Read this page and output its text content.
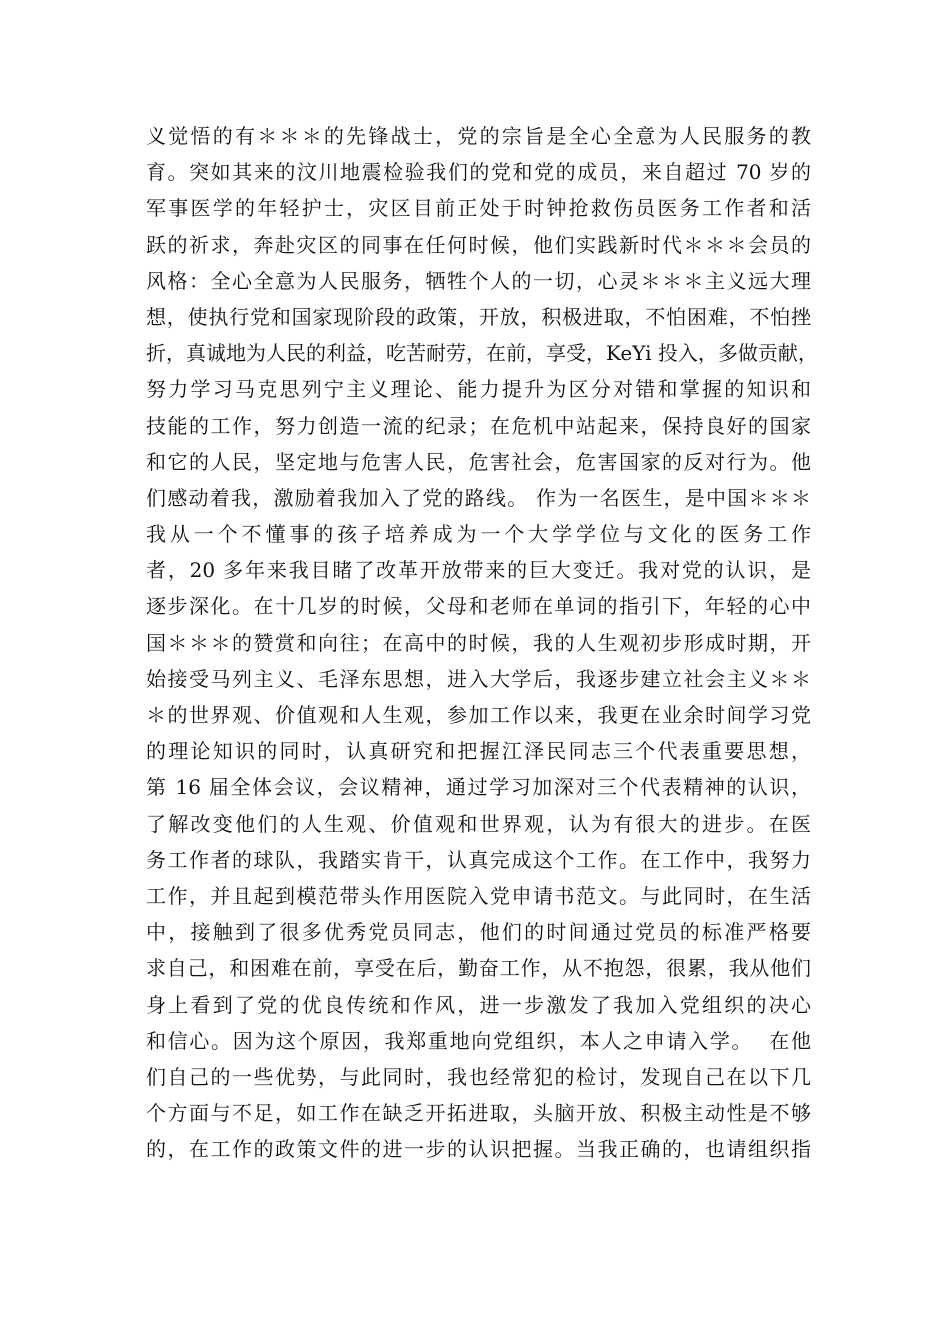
义觉悟的有＊＊＊的先锋战士，党的宗旨是全心全意为人民服务的教
育。突如其来的汶川地震检验我们的党和党的成员，来自超过 70 岁的
军事医学的年轻护士，灾区目前正处于时钟抢救伤员医务工作者和活
跃的祈求，奔赴灾区的同事在任何时候，他们实践新时代＊＊＊会员的
风格：全心全意为人民服务，牺牲个人的一切，心灵＊＊＊主义远大理
想，使执行党和国家现阶段的政策，开放，积极进取，不怕困难，不怕挫
折，真诚地为人民的利益，吃苦耐劳，在前，享受，KeYi 投入，多做贡献，
努力学习马克思列宁主义理论、能力提升为区分对错和掌握的知识和
技能的工作，努力创造一流的纪录；在危机中站起来，保持良好的国家
和它的人民，坚定地与危害人民，危害社会，危害国家的反对行为。他
们感动着我，激励着我加入了党的路线。 作为一名医生，是中国＊＊＊
我从一个不懂事的孩子培养成为一个大学学位与文化的医务工作
者，20 多年来我目睹了改革开放带来的巨大变迁。我对党的认识，是
逐步深化。在十几岁的时候，父母和老师在单词的指引下，年轻的心中
国＊＊＊的赞赏和向往；在高中的时候，我的人生观初步形成时期，开
始接受马列主义、毛泽东思想，进入大学后，我逐步建立社会主义＊＊
＊的世界观、价值观和人生观，参加工作以来，我更在业余时间学习党
的理论知识的同时，认真研究和把握江泽民同志三个代表重要思想，
第 16 届全体会议，会议精神，通过学习加深对三个代表精神的认识，
了解改变他们的人生观、价值观和世界观，认为有很大的进步。在医
务工作者的球队，我踏实肯干，认真完成这个工作。在工作中，我努力
工作，并且起到模范带头作用医院入党申请书范文。与此同时，在生活
中，接触到了很多优秀党员同志，他们的时间通过党员的标准严格要
求自己，和困难在前，享受在后，勤奋工作，从不抱怨，很累，我从他们
身上看到了党的优良传统和作风，进一步激发了我加入党组织的决心
和信心。因为这个原因，我郑重地向党组织，本人之申请入学。  在他
们自己的一些优势，与此同时，我也经常犯的检讨，发现自己在以下几
个方面与不足，如工作在缺乏开拓进取，头脑开放、积极主动性是不够
的，在工作的政策文件的进一步的认识把握。当我正确的，也请组织指
